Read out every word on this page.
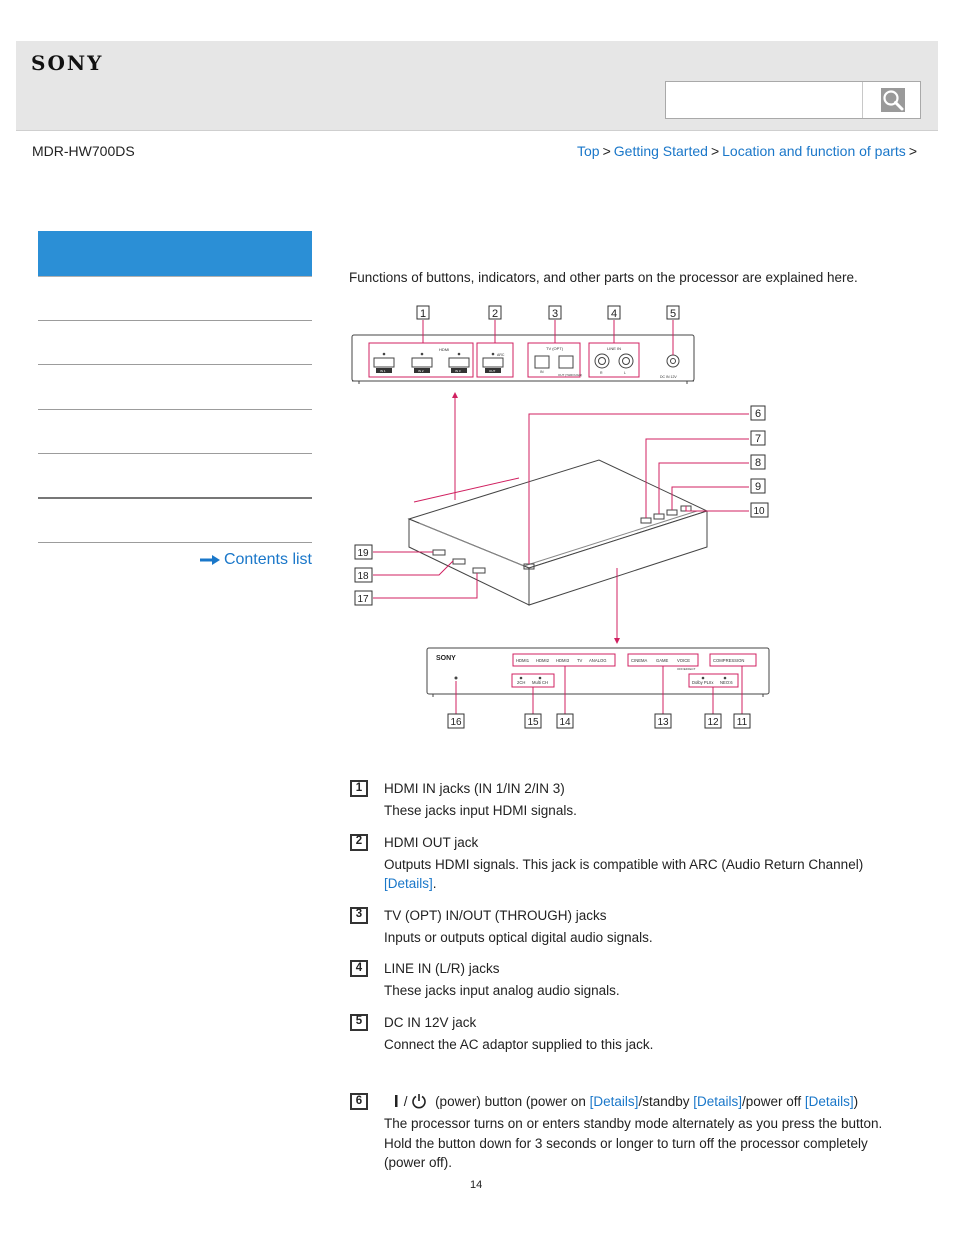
SONY
MDR-HW700DS	Top > Getting Started > Location and function of parts >
Contents list
Functions of buttons, indicators, and other parts on the processor are explained here.
HDMI
IN 1	IN 2	IN 3	OUT
ARC
TV (OPT)
IN
OUT (THROUGH)
LINE IN
R	L
DC IN 12V
1	2	3	4	5
6
7
8
9
10
19
18
17
SONY	HDMI1 HDMI2 HDMI3 TV ANALOG	CINEMA GAME VOICE
OFF/EFFECT
COMPRESSION
2CH Multi CH	Dolby PLIIx NEO:6
16	15 14	13	12 11
1	HDMI IN jacks (IN 1/IN 2/IN 3)
These jacks input HDMI signals.
2	HDMI OUT jack
Outputs HDMI signals. This jack is compatible with ARC (Audio Return Channel)
[Details].
3	TV (OPT) IN/OUT (THROUGH) jacks
Inputs or outputs optical digital audio signals.
4	LINE IN (L/R) jacks
These jacks input analog audio signals.
5	DC IN 12V jack
Connect the AC adaptor supplied to this jack.
6	/ (power) button (power on [Details]/standby [Details]/power off [Details])
The processor turns on or enters standby mode alternately as you press the button. Hold the button down for 3 seconds or longer to turn off the processor completely (power off).
14
